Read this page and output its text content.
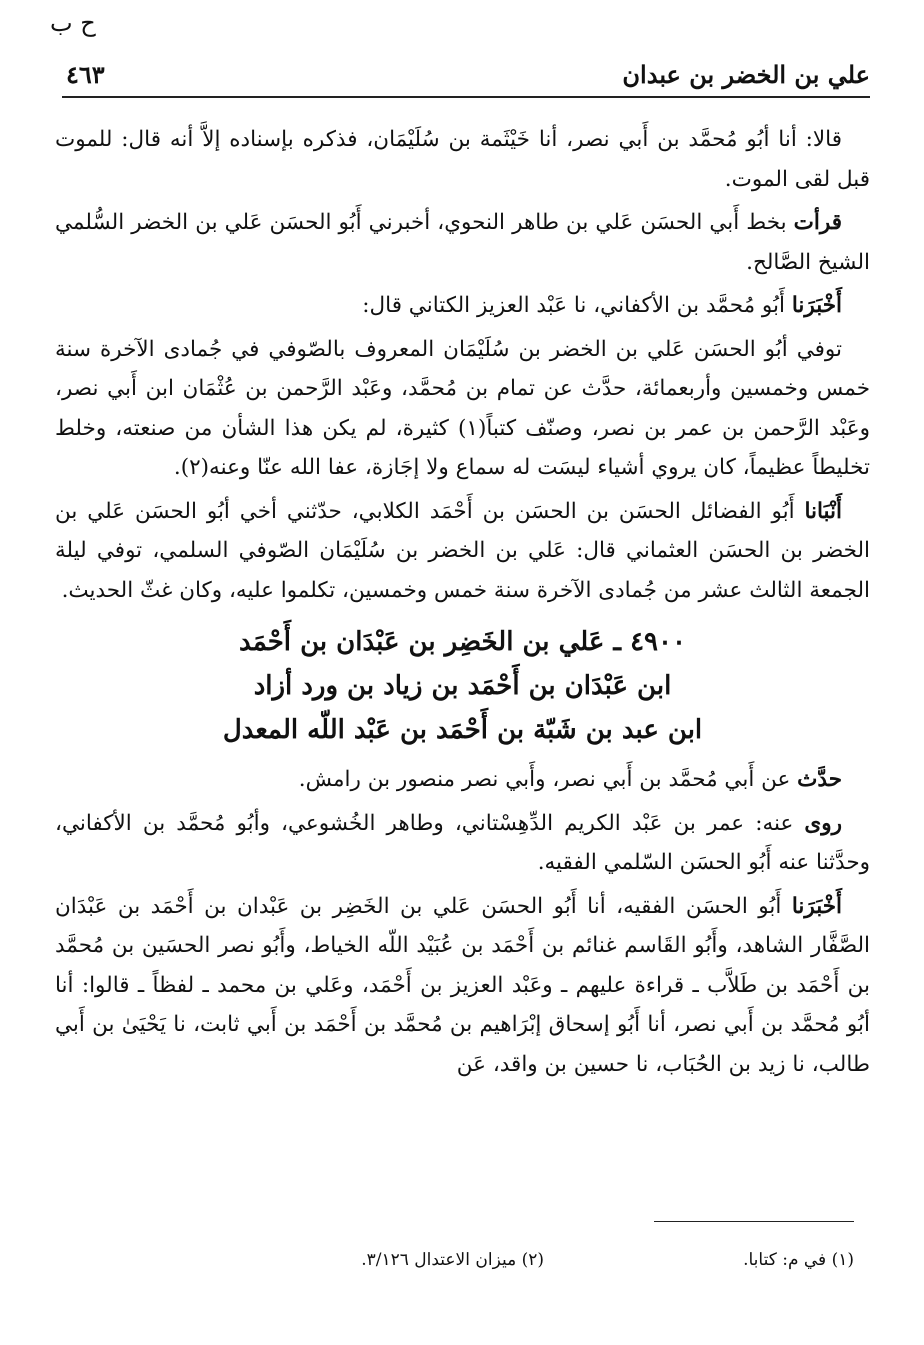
ح ب
٤٦٣	علي بن الخضر بن عبدان

قالا: أنا أبُو مُحمَّد بن أَبي نصر، أنا خَيْثَمة بن سُلَيْمَان، فذكره بإسناده إلاَّ أنه قال: للموت قبل لقى الموت.

قرأت بخط أَبي الحسَن عَلي بن طاهر النحوي، أخبرني أَبُو الحسَن عَلي بن الخضر السُّلمي الشيخ الصَّالح.

أَخْبَرَنا أَبُو مُحمَّد بن الأكفاني، نا عَبْد العزيز الكتاني قال:

توفي أبُو الحسَن عَلي بن الخضر بن سُلَيْمَان المعروف بالصّوفي في جُمادى الآخرة سنة خمس وخمسين وأربعمائة، حدَّث عن تمام بن مُحمَّد، وعَبْد الرَّحمن بن عُثْمَان ابن أَبي نصر، وعَبْد الرَّحمن بن عمر بن نصر، وصنّف كتباً(١) كثيرة، لم يكن هذا الشأن من صنعته، وخلط تخليطاً عظيماً، كان يروي أشياء ليسَت له سماع ولا إجَازة، عفا الله عنّا وعنه(٢).

أَنْبَانا أَبُو الفضائل الحسَن بن الحسَن بن أَحْمَد الكلابي، حدّثني أخي أبُو الحسَن عَلي بن الخضر بن الحسَن العثماني قال: عَلي بن الخضر بن سُلَيْمَان الصّوفي السلمي، توفي ليلة الجمعة الثالث عشر من جُمادى الآخرة سنة خمس وخمسين، تكلموا عليه، وكان غثّ الحديث.

٤٩٠٠ ـ عَلي بن الخَضِر بن عَبْدَان بن أَحْمَد
ابن عَبْدَان بن أَحْمَد بن زياد بن ورد أزاد
ابن عبد بن شَبّة بن أَحْمَد بن عَبْد اللّه المعدل

حدَّث عن أَبي مُحمَّد بن أَبي نصر، وأَبي نصر منصور بن رامش.

روى عنه: عمر بن عَبْد الكريم الدِّهِسْتاني، وطاهر الخُشوعي، وأبُو مُحمَّد بن الأكفاني، وحدَّثنا عنه أَبُو الحسَن السّلمي الفقيه.

أَخْبَرَنا أَبُو الحسَن الفقيه، أنا أَبُو الحسَن عَلي بن الخَضِر بن عَبْدان بن أَحْمَد بن عَبْدَان الصَّفَّار الشاهد، وأَبُو القَاسم غنائم بن أَحْمَد بن عُبَيْد اللّه الخياط، وأَبُو نصر الحسَين بن مُحمَّد بن أَحْمَد بن طَلاَّب ـ قراءة عليهم ـ وعَبْد العزيز بن أَحْمَد، وعَلي بن محمد ـ لفظاً ـ قالوا: أنا أبُو مُحمَّد بن أَبي نصر، أنا أَبُو إسحاق إبْرَاهيم بن مُحمَّد بن أَحْمَد بن أَبي ثابت، نا يَحْيَىٰ بن أَبي طالب، نا زيد بن الحُبَاب، نا حسين بن واقد، عَن

(١) في م: كتابا.
(٢) ميزان الاعتدال ٣/١٢٦.
